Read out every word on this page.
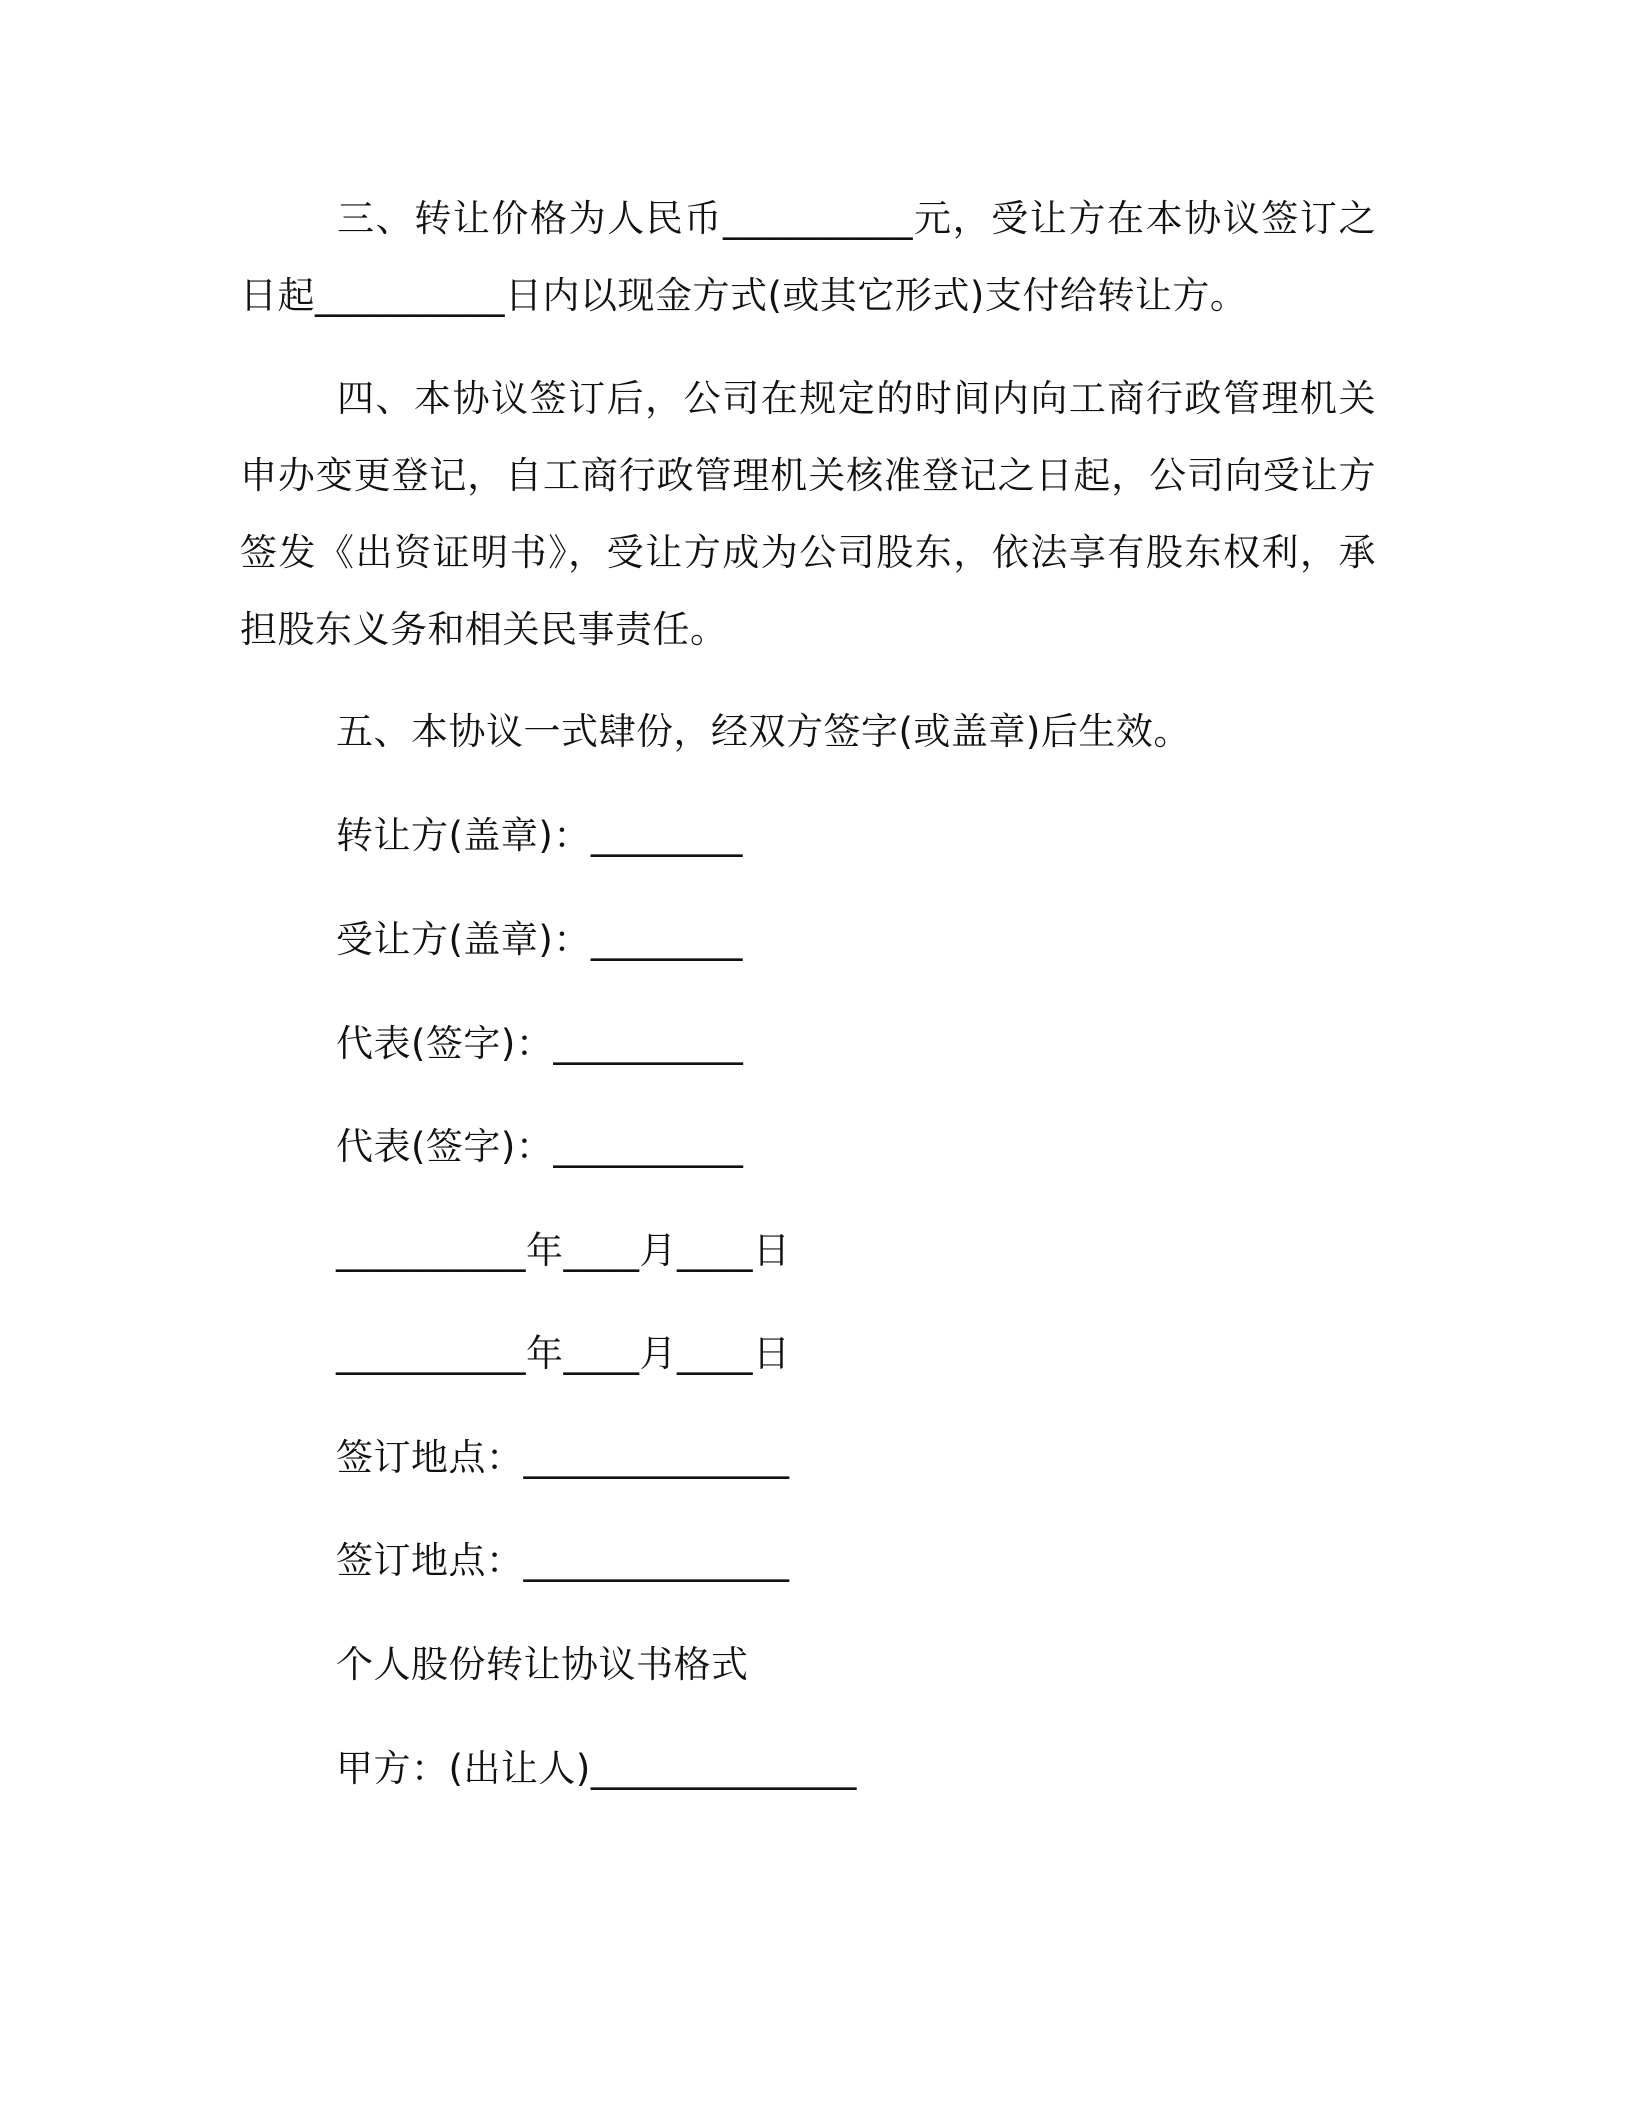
三、转让价格为人民币__________元，受让方在本协议签订之日起__________日内以现金方式(或其它形式)支付给转让方。

四、本协议签订后，公司在规定的时间内向工商行政管理机关申办变更登记，自工商行政管理机关核准登记之日起，公司向受让方签发《出资证明书》，受让方成为公司股东，依法享有股东权利，承担股东义务和相关民事责任。

五、本协议一式肆份，经双方签字(或盖章)后生效。

转让方(盖章)：________

受让方(盖章)：________

代表(签字)：__________

代表(签字)：__________

__________年____月____日

__________年____月____日

签订地点：______________

签订地点：______________

个人股份转让协议书格式

甲方：(出让人)______________
